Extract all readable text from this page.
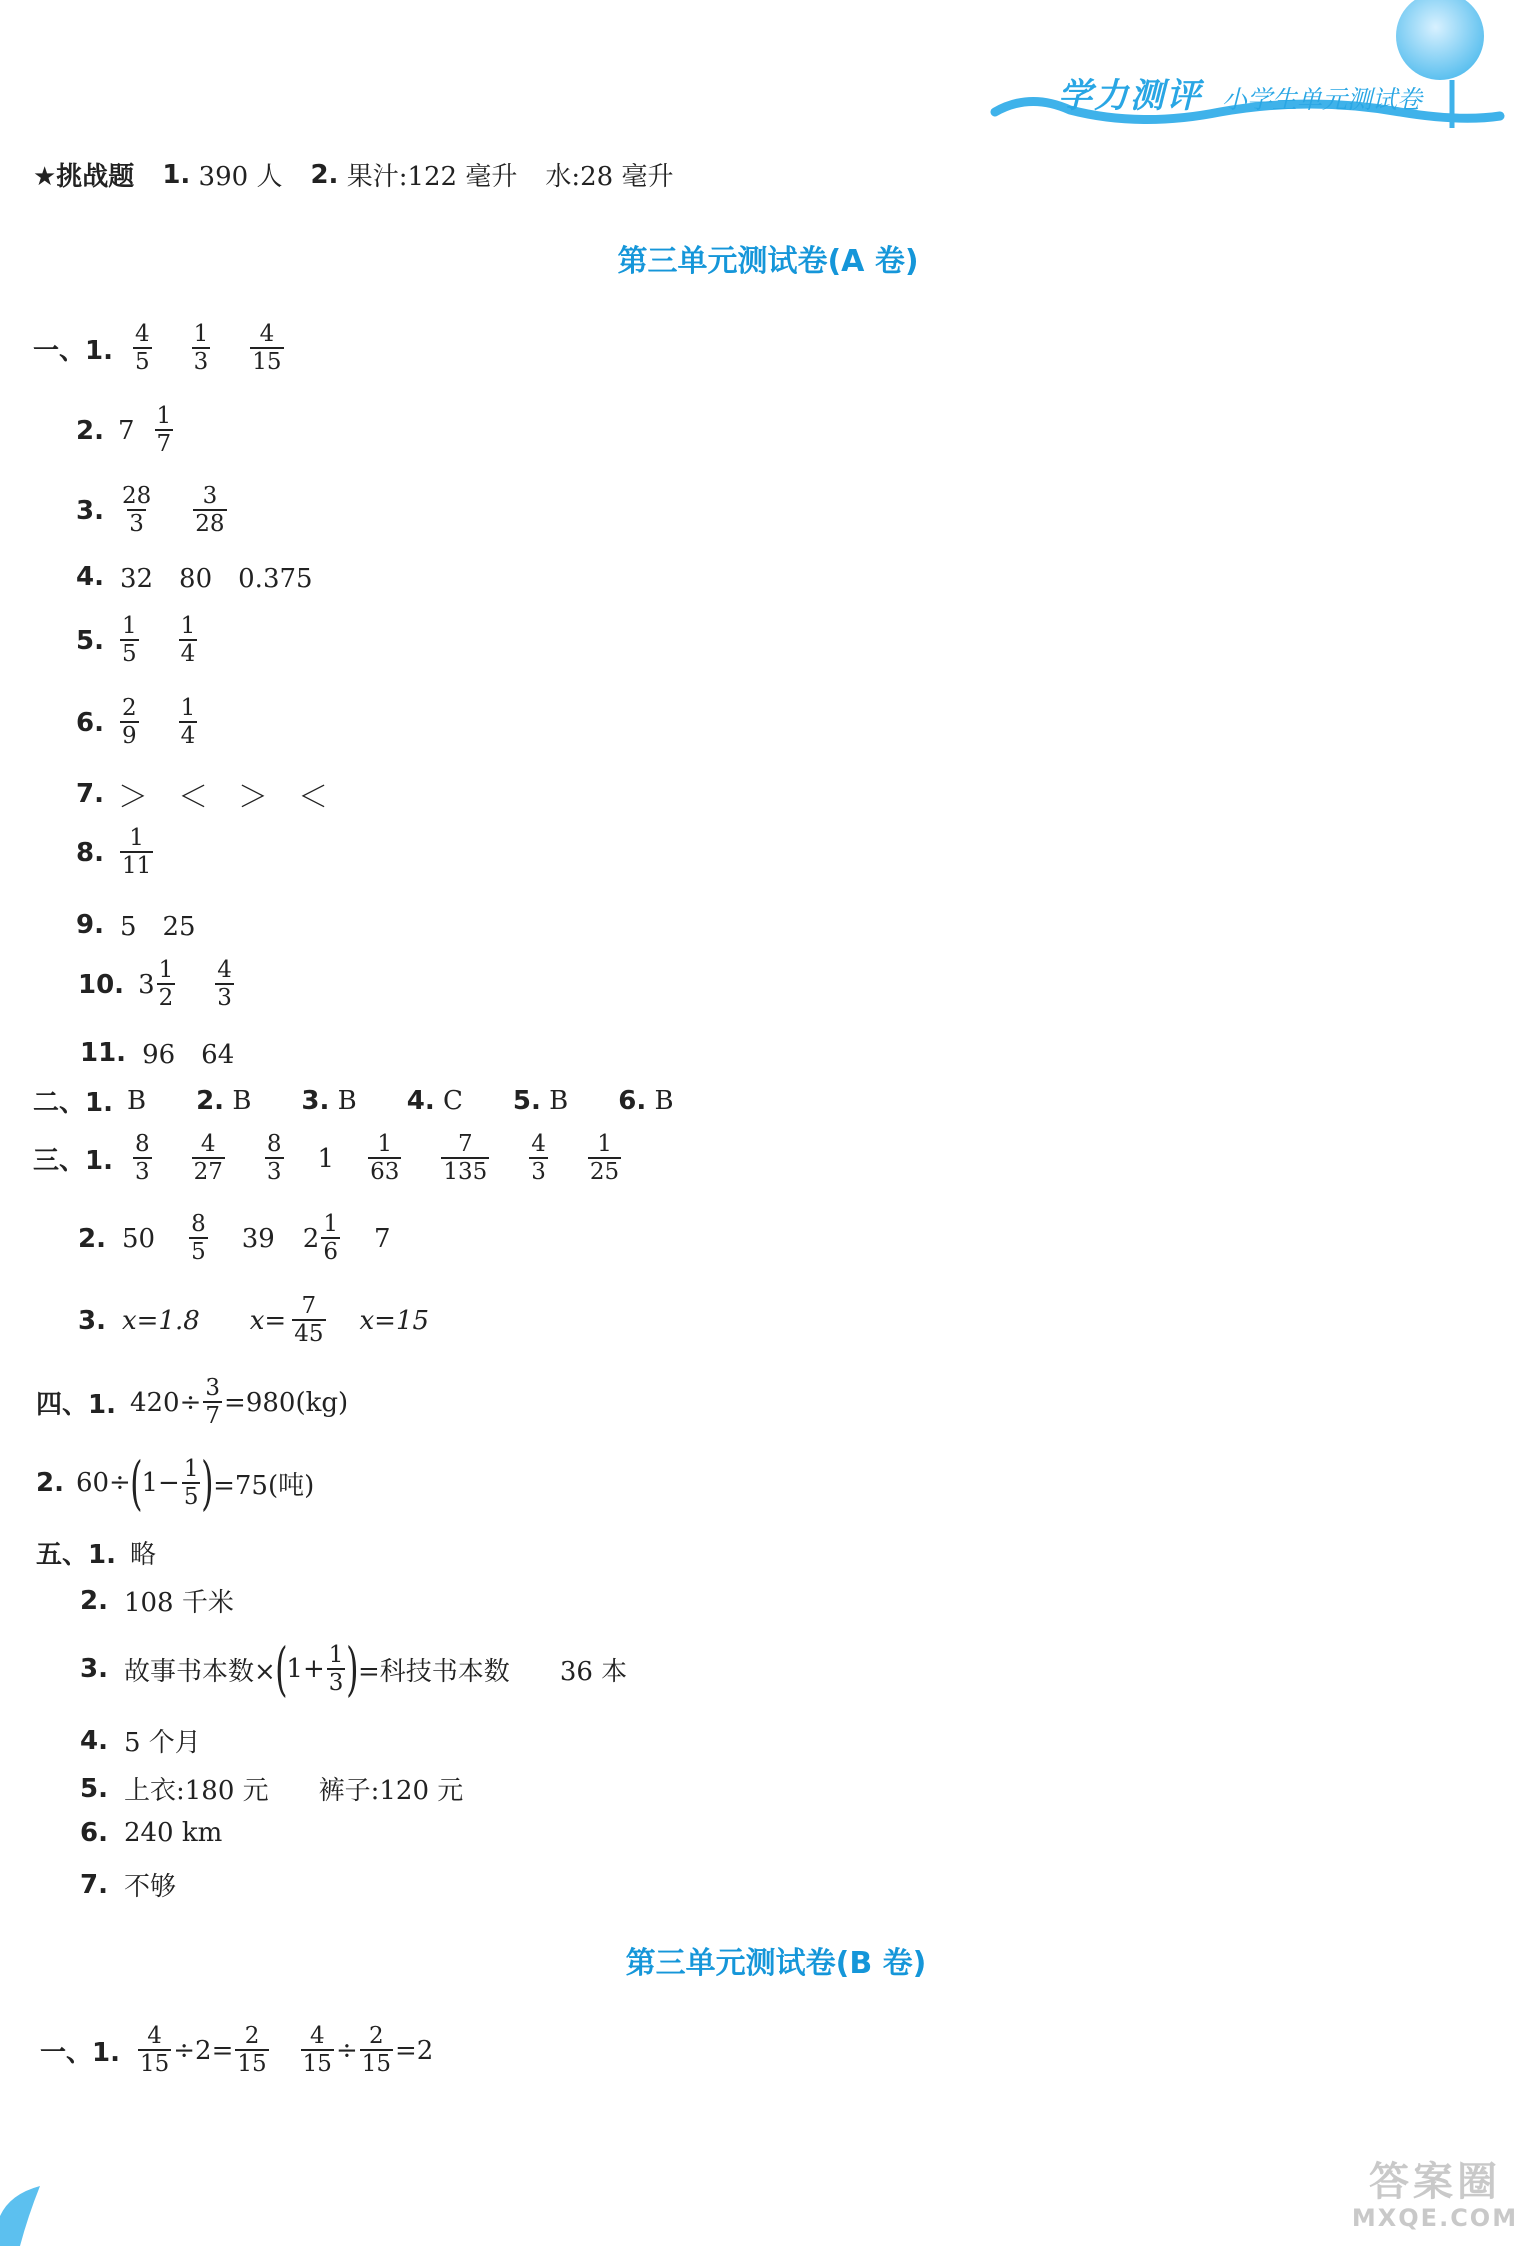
学力测评 小学生单元测试卷
★挑战题 1.
390 人 2.
果汁:122 毫升 水:28 毫升
第三单元测试卷(A 卷)
一、1. $\frac{4}{5} \frac{1}{3} \frac{4}{15}$
2. $7 \frac{1}{7}$
3. $\frac{28}{3} \frac{3}{28}$
4. 32　80　0.375
5. $\frac{1}{5} \frac{1}{4}$
6. $\frac{2}{9} \frac{1}{4}$
7. ＞　＜　＞　＜
8. $\frac{1}{11}$
9. 5　25
10. $3 \frac{1}{2} \frac{4}{3}$
11. 96　64
二、1. B 2.
B 3.
B 4.
C 5.
B 6.
B
三、1. $\frac{8}{3} \frac{4}{27} \frac{8}{3} 1 \frac{1}{63} \frac{7}{135} \frac{4}{3} \frac{1}{25}$
2. $50 \frac{8}{5} 39$ $2 \frac{1}{6} 7$
3. x=1.8 $x= \frac{7}{45} x=15$
四、1. $420\div \frac{3}{7} =980(kg)$
2. 60÷ ( $1- \frac{1}{5}$ ) =75(吨)
五、1. 略
2. 108 千米
3. 故事书本数× ( $1+ \frac{1}{3}$ ) =科技书本数 36 本
4. 5 个月
5. 上衣:180 元 裤子:120 元
6. 240 km
7. 不够
第三单元测试卷(B 卷)
一、1. $\frac{4}{15} \div 2= \frac{2}{15} \frac{4}{15} \div \frac{2}{15} =2$
答案圈
MXQE.COM
